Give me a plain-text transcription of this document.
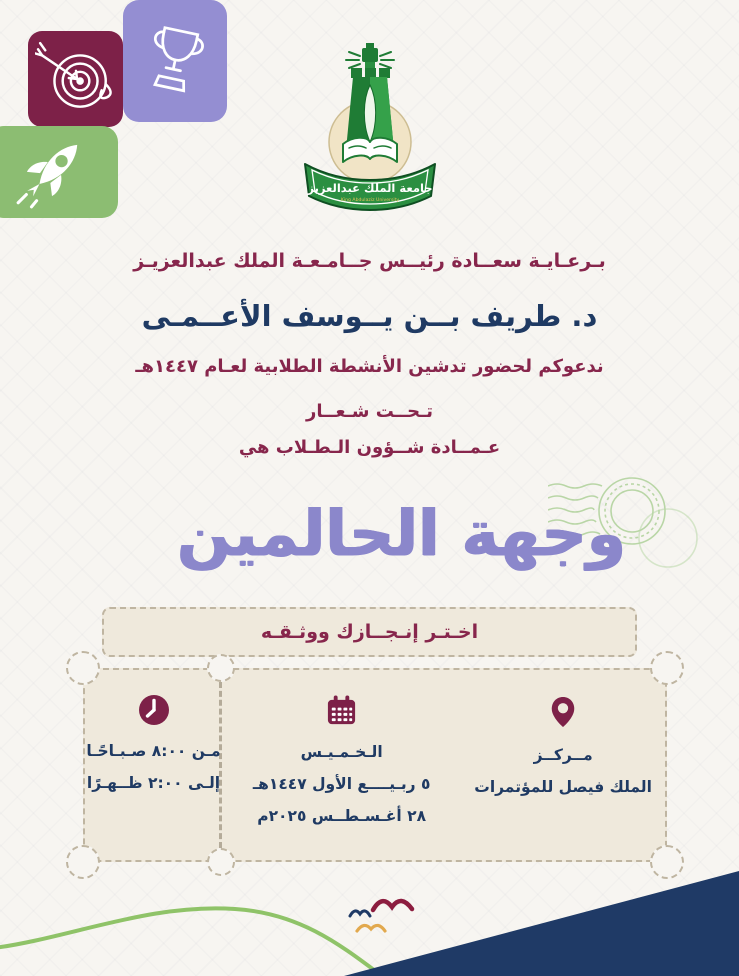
جامعة الملك عبدالعزيز
King Abdulaziz University
بـرعـايـة سعــادة رئيــس جــامـعـة الملك عبدالعزيـز
د. طريف بــن يــوسف الأعــمـى
ندعوكم لحضور تدشين الأنشطة الطلابية لعـام ١٤٤٧هـ
تـحــت شـعــار
عـمــادة شــؤون الـطـلاب هي
وجهة الحالمين
اخـتـر إنـجــازك ووثـقـه
مـن ٨:٠٠ صـبـاحًـا
إلـى ٢:٠٠ ظــهـرًا
مــركــز
الملك فيصل للمؤتمرات
الـخـمـيـس
٥ ربـيــــع الأول ١٤٤٧هـ
٢٨ أغـسـطــس ٢٠٢٥م
